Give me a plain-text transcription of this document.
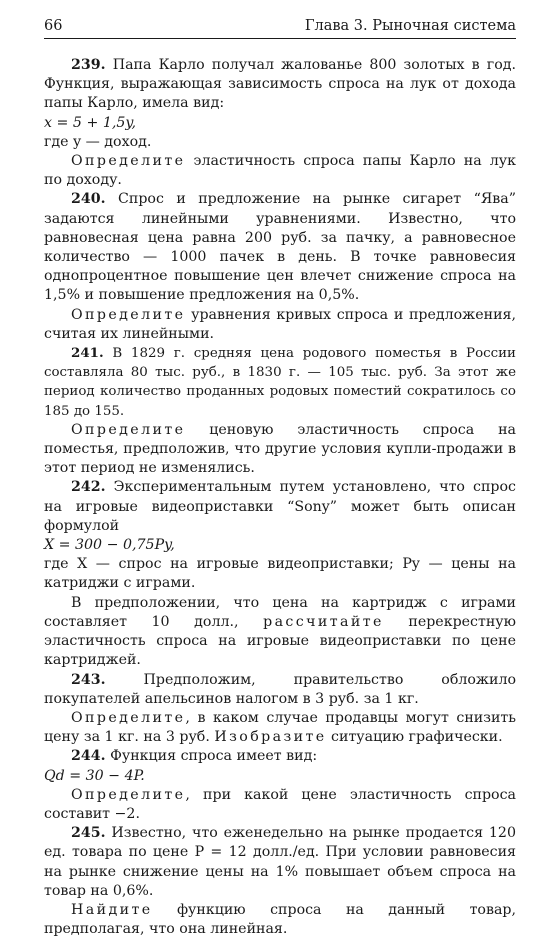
66	Глава 3. Рыночная система

239. Папа Карло получал жалованье 800 золотых в год. Функция, выражающая зависимость спроса на лук от дохода папы Карло, имела вид:

x = 5 + 1,5y,

где y — доход.

Определите эластичность спроса папы Карло на лук по доходу.

240. Спрос и предложение на рынке сигарет “Ява” задаются линейными уравнениями. Известно, что равновесная цена равна 200 руб. за пачку, а равновесное количество — 1000 пачек в день. В точке равновесия однопроцентное повышение цен влечет снижение спроса на 1,5% и повышение предложения на 0,5%.

Определите уравнения кривых спроса и предложения, считая их линейными.

241. В 1829 г. средняя цена родового поместья в России составляла 80 тыс. руб., в 1830 г. — 105 тыс. руб. За этот же период количество проданных родовых поместий сократилось со 185 до 155.

Определите ценовую эластичность спроса на поместья, предположив, что другие условия купли-продажи в этот период не изменялись.

242. Экспериментальным путем установлено, что спрос на игровые видеоприставки “Sony” может быть описан формулой

X = 300 − 0,75Py,

где X — спрос на игровые видеоприставки; Py — цены на катриджи с играми.

В предположении, что цена на картридж с играми составляет 10 долл., рассчитайте перекрестную эластичность спроса на игровые видеоприставки по цене картриджей.

243.	Предположим, правительство обложило покупателей апельсинов налогом в 3 руб. за 1 кг.

Определите, в каком случае продавцы могут снизить цену за 1 кг. на 3 руб. Изобразите ситуацию графически.

244. Функция спроса имеет вид:

Qd = 30 − 4P.

Определите, при какой цене эластичность спроса составит −2.

245. Известно, что еженедельно на рынке продается 120 ед. товара по цене P = 12 долл./ед. При условии равновесия на рынке снижение цены на 1% повышает объем спроса на товар на 0,6%.

Найдите функцию спроса на данный товар, предполагая, что она линейная.
